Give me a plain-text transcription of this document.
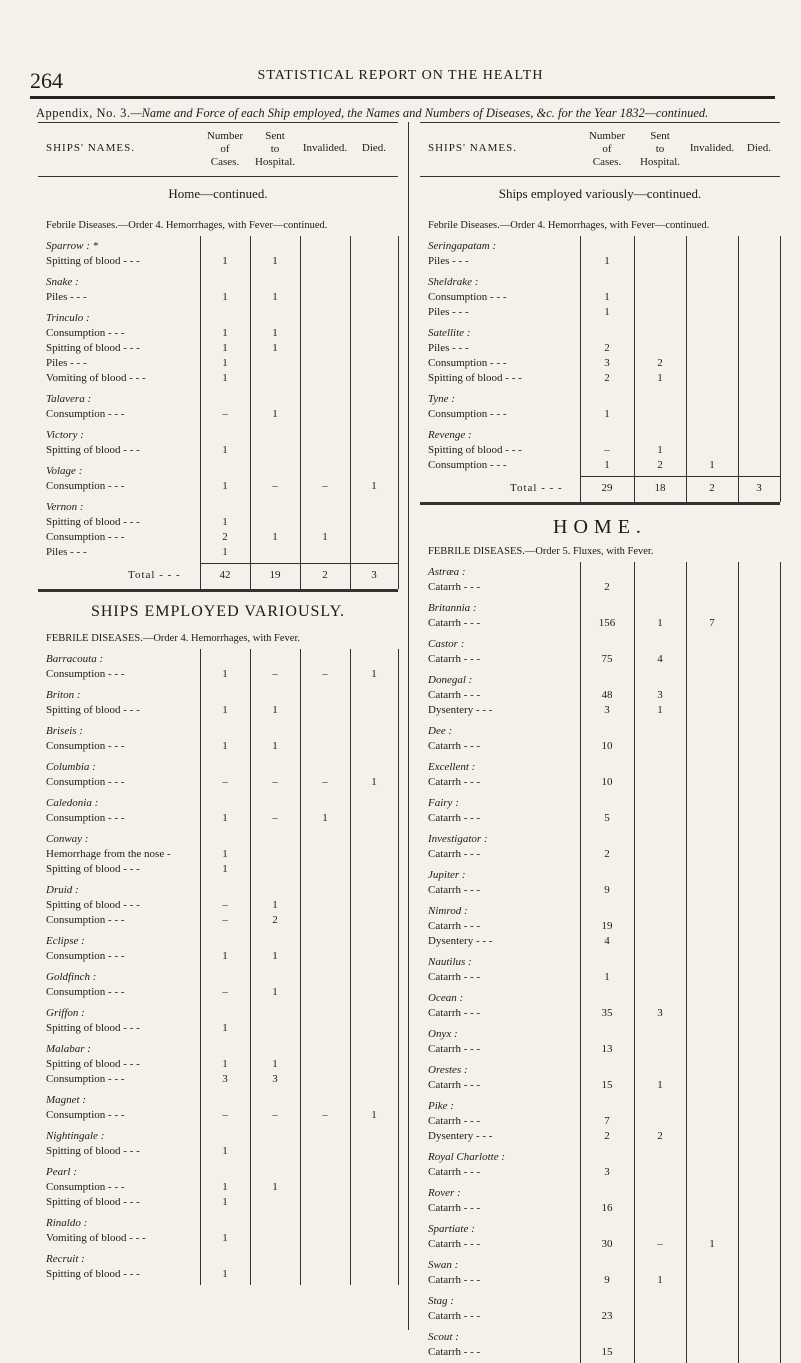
264	STATISTICAL REPORT ON THE HEALTH
Appendix, No. 3.—Name and Force of each Ship employed, the Names and Numbers of Diseases, &c. for the Year 1832—continued.
SHIPS' NAMES.
Number
of
Cases.
Sent
to
Hospital.
Invalided.	Died.
Home—continued.
Febrile Diseases.—Order 4. Hemorrhages, with Fever—continued.
Sparrow : *
Spitting of blood - - -	1	1
Snake :
Piles - - -	1	1
Trinculo :
Consumption - - -	1	1
Spitting of blood - - -	1	1
Piles - - -	1
Vomiting of blood - - -	1
Talavera :
Consumption - - -	–	1
Victory :
Spitting of blood - - -	1
Volage :
Consumption - - -	1	–	–	1
Vernon :
Spitting of blood - - -	1
Consumption - - -	2	1	1
Piles - - -	1
Total - - -	42	19	2	3
SHIPS EMPLOYED VARIOUSLY.
FEBRILE DISEASES.—Order 4. Hemorrhages, with Fever.
Barracouta :
Consumption - - -	1	–	–	1
Briton :
Spitting of blood - - -	1	1
Briseis :
Consumption - - -	1	1
Columbia :
Consumption - - -	–	–	–	1
Caledonia :
Consumption - - -	1	–	1
Conway :
Hemorrhage from the nose -	1
Spitting of blood - - -	1
Druid :
Spitting of blood - - -	–	1
Consumption - - -	–	2
Eclipse :
Consumption - - -	1	1
Goldfinch :
Consumption - - -	–	1
Griffon :
Spitting of blood - - -	1
Malabar :
Spitting of blood - - -	1	1
Consumption - - -	3	3
Magnet :
Consumption - - -	–	–	–	1
Nightingale :
Spitting of blood - - -	1
Pearl :
Consumption - - -	1	1
Spitting of blood - - -	1
Rinaldo :
Vomiting of blood - - -	1
Recruit :
Spitting of blood - - -	1
SHIPS' NAMES.
Number
of
Cases.
Sent
to
Hospital.
Invalided.	Died.
Ships employed variously—continued.
Febrile Diseases.—Order 4. Hemorrhages, with Fever—continued.
Seringapatam :
Piles - - -	1
Sheldrake :
Consumption - - -	1
Piles - - -	1
Satellite :
Piles - - -	2
Consumption - - -	3	2
Spitting of blood - - -	2	1
Tyne :
Consumption - - -	1
Revenge :
Spitting of blood - - -	–	1
Consumption - - -	1	2	1
Total - - -	29	18	2	3
HOME.
FEBRILE DISEASES.—Order 5. Fluxes, with Fever.
Astræa :
Catarrh - - -	2
Britannia :
Catarrh - - -	156	1	7
Castor :
Catarrh - - -	75	4
Donegal :
Catarrh - - -	48	3
Dysentery - - -	3	1
Dee :
Catarrh - - -	10
Excellent :
Catarrh - - -	10
Fairy :
Catarrh - - -	5
Investigator :
Catarrh - - -	2
Jupiter :
Catarrh - - -	9
Nimrod :
Catarrh - - -	19
Dysentery - - -	4
Nautilus :
Catarrh - - -	1
Ocean :
Catarrh - - -	35	3
Onyx :
Catarrh - - -	13
Orestes :
Catarrh - - -	15	1
Pike :
Catarrh - - -	7
Dysentery - - -	2	2
Royal Charlotte :
Catarrh - - -	3
Rover :
Catarrh - - -	16
Spartiate :
Catarrh - - -	30	–	1
Swan :
Catarrh - - -	9	1
Stag :
Catarrh - - -	23
Scout :
Catarrh - - -	15
